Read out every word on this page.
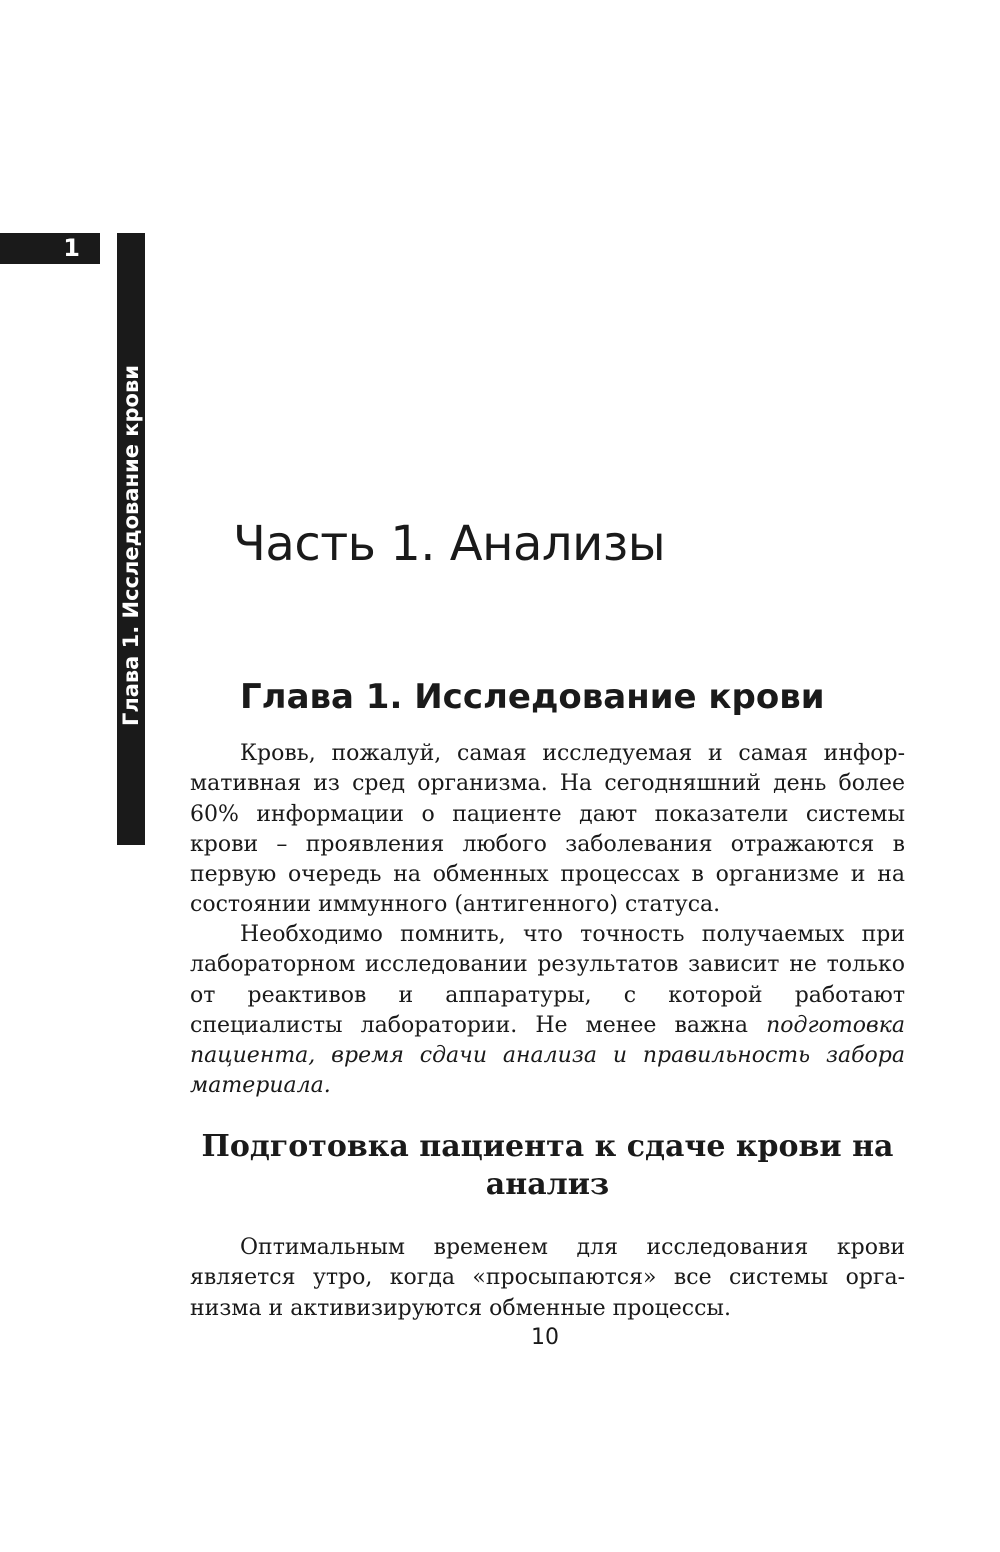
1
Глава 1. Исследование крови Часть 1. Анализы
Глава 1. Исследование крови

Кровь, пожалуй, самая исследуемая и самая информативная из сред организма. На сегодняшний день более 60% информации о пациенте дают показатели системы крови – проявления любого заболевания отражаются в первую очередь на обменных процессах в организме и на состоянии иммунного (антигенного) статуса.

Необходимо помнить, что точность получаемых при лабораторном исследовании результатов зависит не только от реактивов и аппаратуры, с которой работают специалисты лаборатории. Не менее важна подготовка пациента, время сдачи анализа и правильность забора материала.

Подготовка пациента к сдаче крови на анализ

Оптимальным временем для исследования крови является утро, когда «просыпаются» все системы организма и активизируются обменные процессы.

10
